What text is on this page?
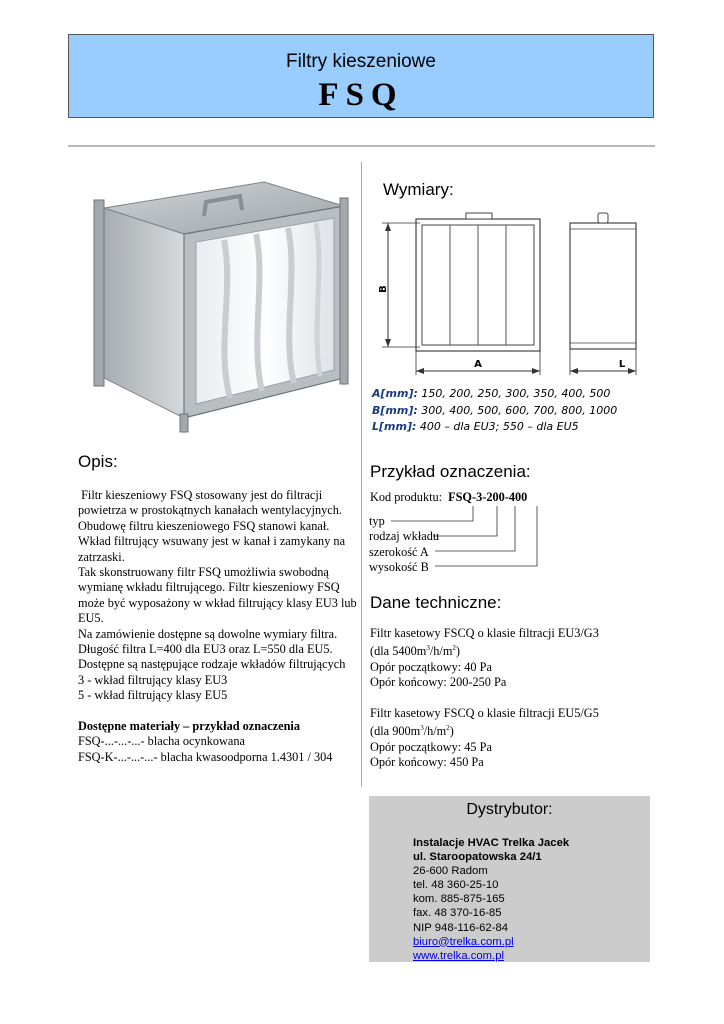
Filtry kieszeniowe
FSQ
Opis:

Filtr kieszeniowy FSQ stosowany jest do filtracji powietrza w prostokątnych kanałach wentylacyjnych. Obudowę filtru kieszeniowego FSQ stanowi kanał. Wkład filtrujący wsuwany jest w kanał i zamykany na zatrzaski.

Tak skonstruowany filtr FSQ umożliwia swobodną wymianę wkładu filtrującego. Filtr kieszeniowy FSQ może być wyposażony w wkład filtrujący klasy EU3 lub EU5.

Na zamówienie dostępne są dowolne wymiary filtra. Długość filtra L=400 dla EU3 oraz L=550 dla EU5.

Dostępne są następujące rodzaje wkładów filtrujących

3 - wkład filtrujący klasy EU3

5 - wkład filtrujący klasy EU5

Dostępne materiały – przykład oznaczenia

FSQ-...-...-...- blacha ocynkowana

FSQ-K-...-...-...- blacha kwasoodporna 1.4301 / 304

Wymiary:
B
A	L
A[mm]: 150, 200, 250, 300, 350, 400, 500
B[mm]: 300, 400, 500, 600, 700, 800, 1000
L[mm]: 400 – dla EU3; 550 – dla EU5
Przykład oznaczenia:
Kod produktu: FSQ-3-200-400
typ
rodzaj wkładu
szerokość A
wysokość B
Dane techniczne:

Filtr kasetowy FSCQ o klasie filtracji EU3/G3

(dla $5400m^3/h/m^2$)

Opór początkowy: 40 Pa

Opór końcowy: 200-250 Pa

Filtr kasetowy FSCQ o klasie filtracji EU5/G5

(dla $900m^3/h/m^2$)

Opór początkowy: 45 Pa

Opór końcowy: 450 Pa

Dystrybutor:
Instalacje HVAC Trelka Jacek
ul. Staroopatowska 24/1
26-600 Radom
tel. 48 360-25-10
kom. 885-875-165
fax. 48 370-16-85
NIP 948-116-62-84
biuro@trelka.com.pl
www.trelka.com.pl
